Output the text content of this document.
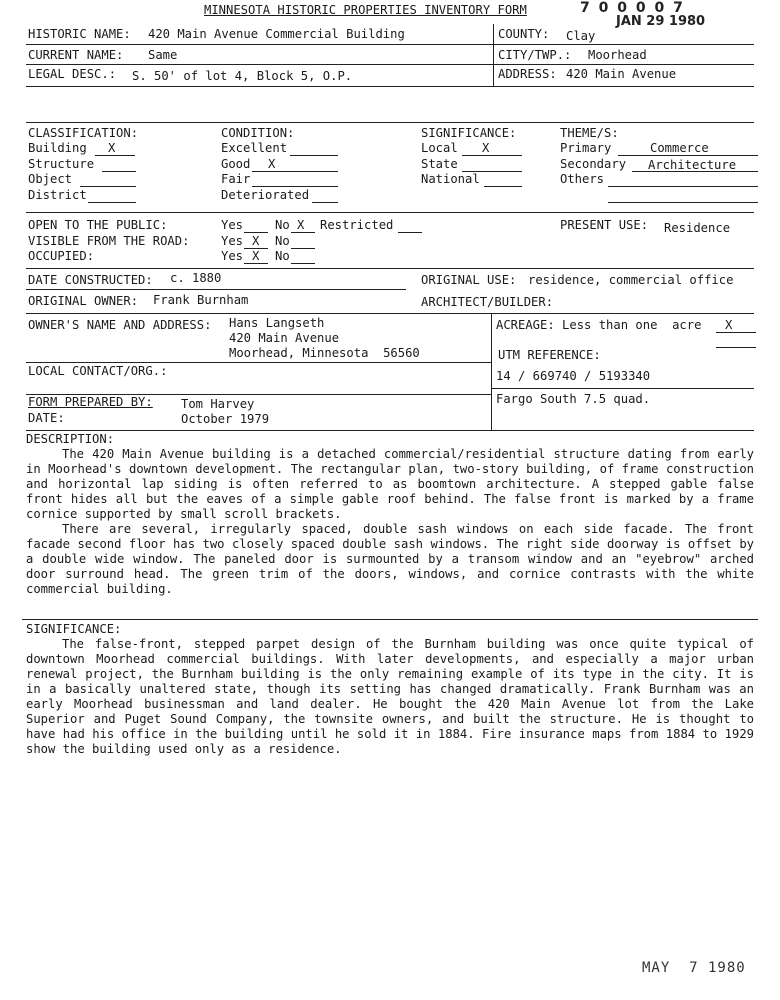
MINNESOTA HISTORIC PROPERTIES INVENTORY FORM	7 0 0 0 0 7
JAN 29 1980
HISTORIC NAME: 420 Main Avenue Commercial Building	COUNTY: Clay
CURRENT NAME: Same	CITY/TWP.: Moorhead
LEGAL DESC.: S. 50' of lot 4, Block 5, O.P.	ADDRESS: 420 Main Avenue
CLASSIFICATION:
Building X
Structure
Object
District
CONDITION:
Excellent
Good X
Fair
Deteriorated
SIGNIFICANCE:
Local X
State
National
THEME/S:
Primary	Commerce
Secondary Architecture
Others
OPEN TO THE PUBLIC:	Yes	No X Restricted	PRESENT USE: Residence
VISIBLE FROM THE ROAD:	Yes X No
OCCUPIED:	Yes X No
DATE CONSTRUCTED: c. 1880	ORIGINAL USE: residence, commercial office
ORIGINAL OWNER: Frank Burnham	ARCHITECT/BUILDER:
OWNER'S NAME AND ADDRESS: Hans Langseth
420 Main Avenue
Moorhead, Minnesota  56560
LOCAL CONTACT/ORG.:
FORM PREPARED BY: Tom Harvey
DATE:	October 1979
ACREAGE: Less than one  acre X
UTM REFERENCE:
14 / 669740 / 5193340
Fargo South 7.5 quad.
DESCRIPTION:

The 420 Main Avenue building is a detached commercial/residential structure dating from early in Moorhead's downtown development. The rectangular plan, two-story building, of frame construction and horizontal lap siding is often referred to as boomtown architecture. A stepped gable false front hides all but the eaves of a simple gable roof behind. The false front is marked by a frame cornice supported by small scroll brackets.

There are several, irregularly spaced, double sash windows on each side facade. The front facade second floor has two closely spaced double sash windows. The right side doorway is offset by a double wide window. The paneled door is surmounted by a transom window and an "eyebrow" arched door surround head. The green trim of the doors, windows, and cornice contrasts with the white commercial building.

SIGNIFICANCE:

The false-front, stepped parpet design of the Burnham building was once quite typical of downtown Moorhead commercial buildings. With later developments, and especially a major urban renewal project, the Burnham building is the only remaining example of its type in the city. It is in a basically unaltered state, though its setting has changed dramatically. Frank Burnham was an early Moorhead businessman and land dealer. He bought the 420 Main Avenue lot from the Lake Superior and Puget Sound Company, the townsite owners, and built the structure. He is thought to have had his office in the building until he sold it in 1884. Fire insurance maps from 1884 to 1929 show the building used only as a residence.

MAY  7 1980
